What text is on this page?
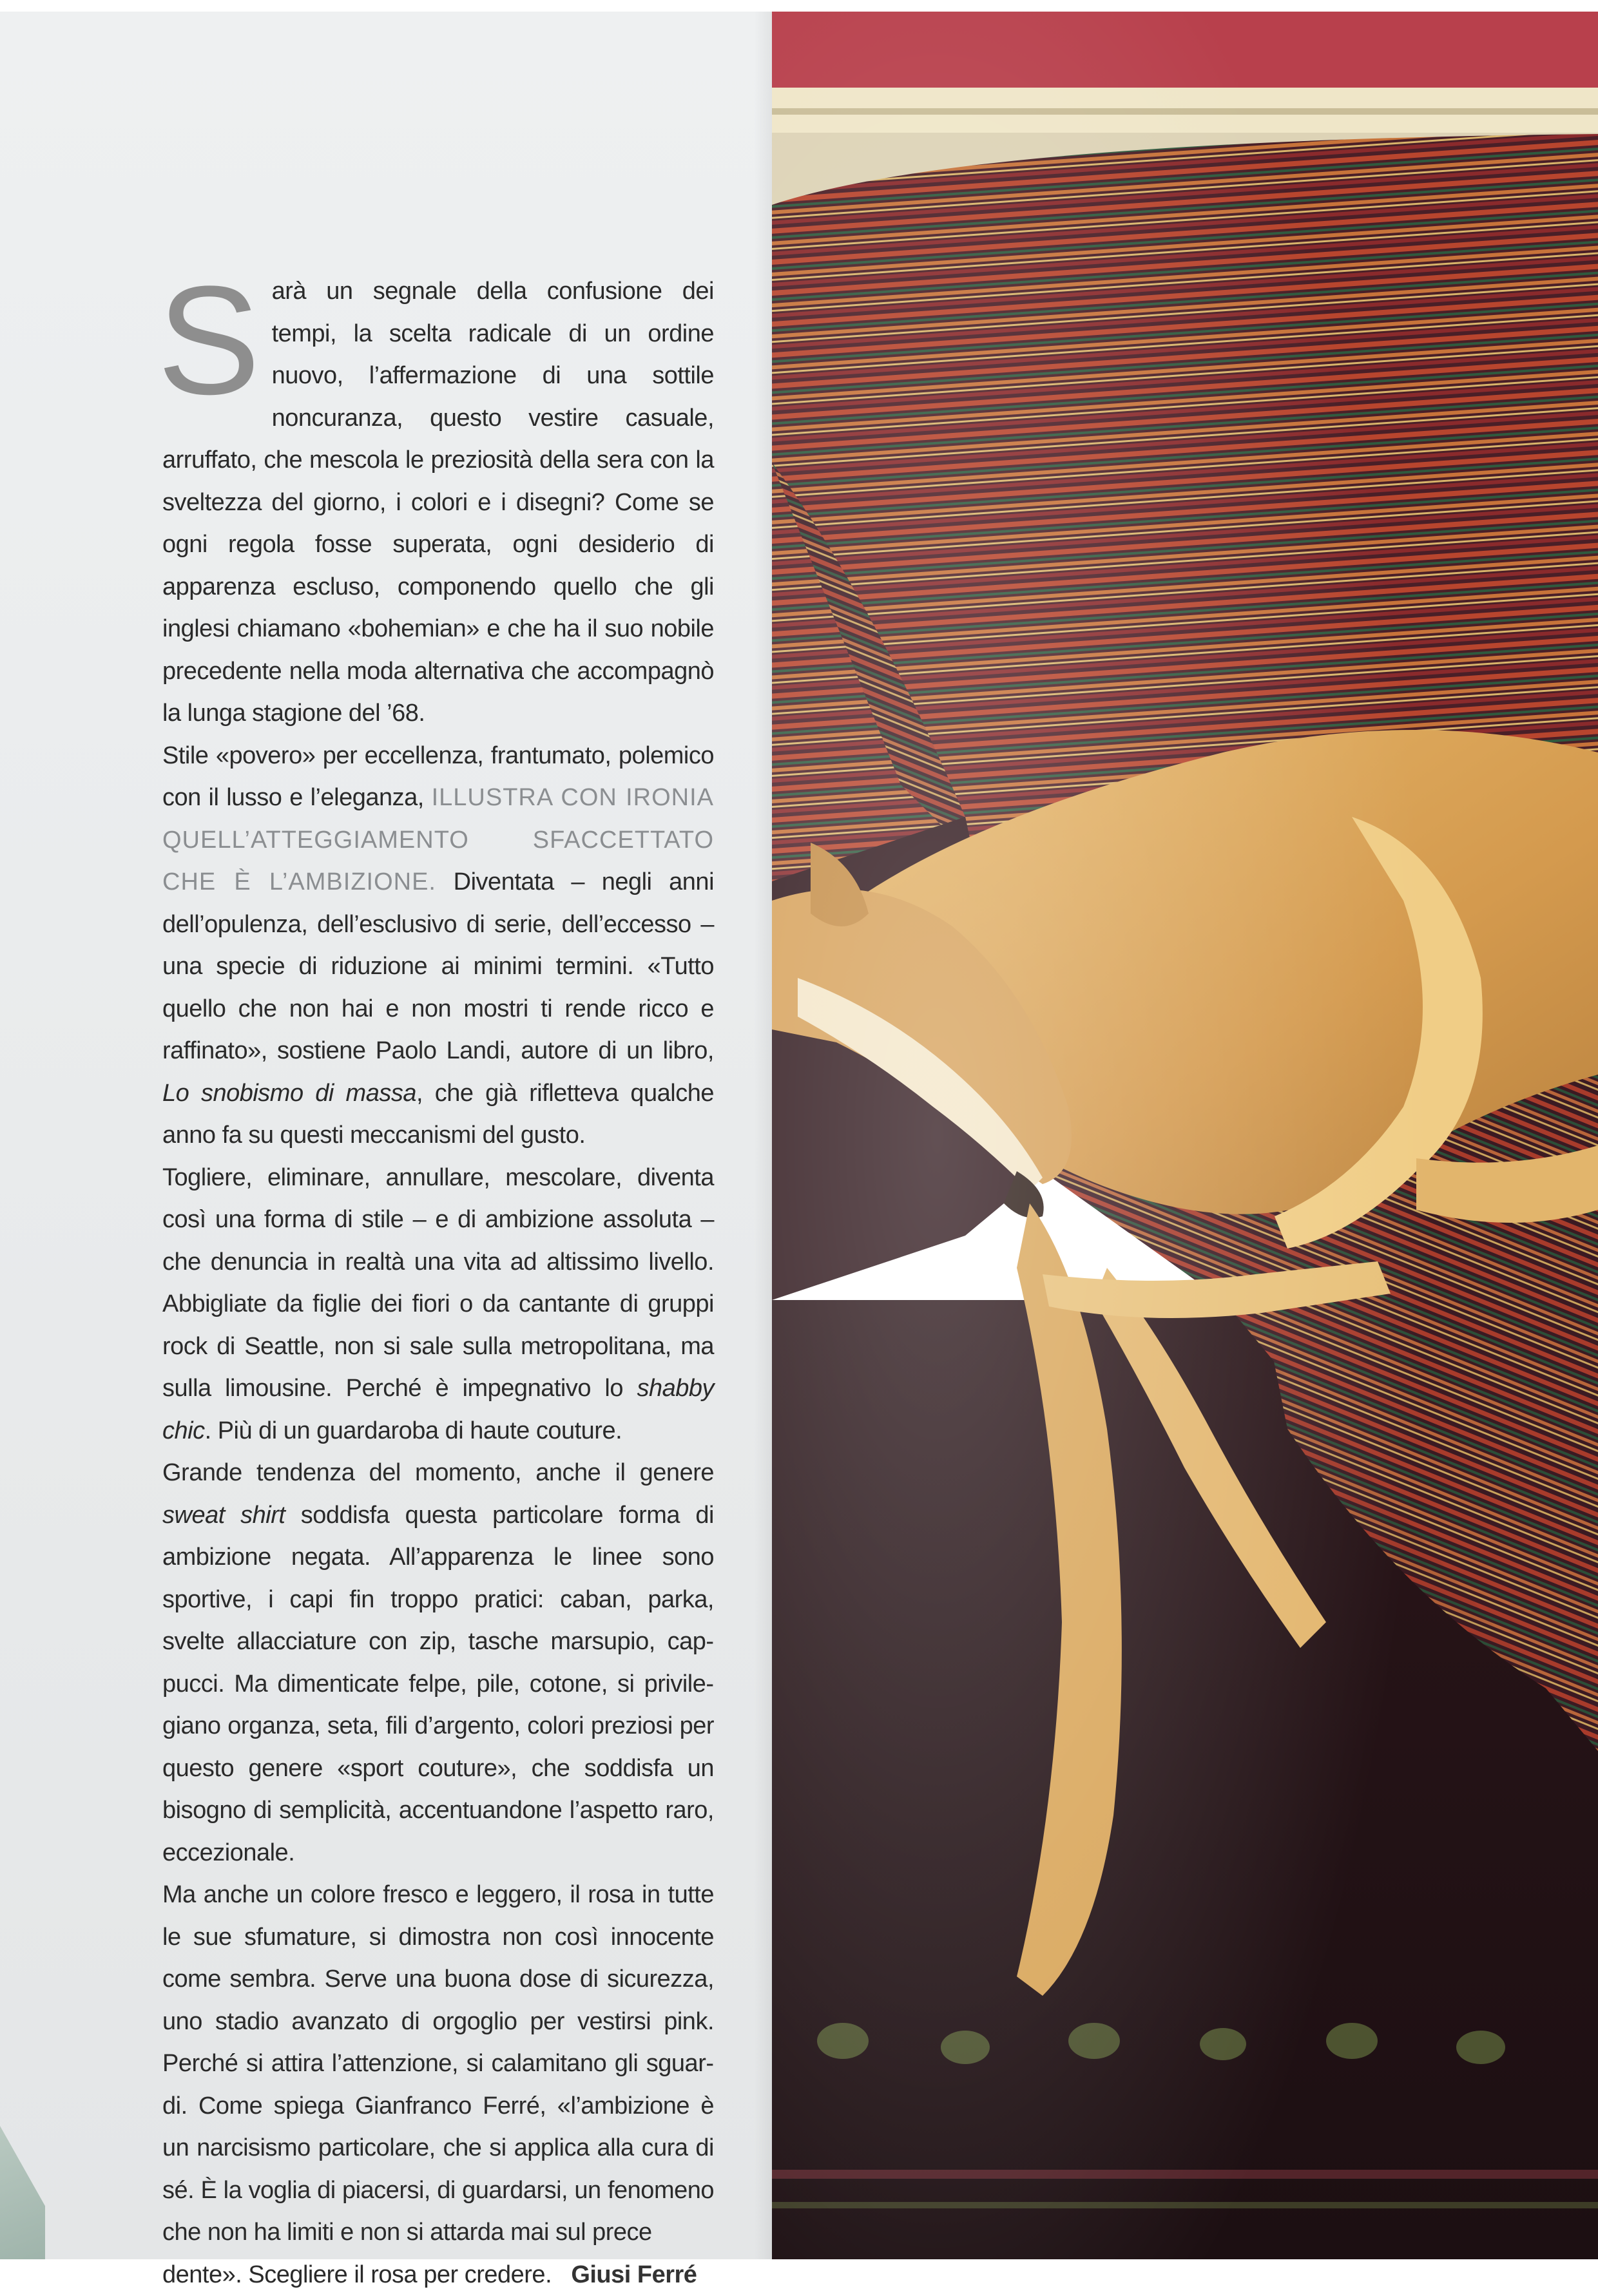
Sarà un segnale della confusione dei tempi, la scelta radicale di un ordine nuovo, l’affermazione di una sottile noncuranza, questo vestire casuale, arruffato, che mescola le preziosità della sera con la sveltezza del giorno, i colori e i disegni? Come se ogni regola fosse superata, ogni desiderio di apparenza escluso, componendo quello che gli inglesi chiamano «bohemian» e che ha il suo nobile precedente nella moda alternativa che accompagnò la lunga stagione del ’68.

Stile «povero» per eccellenza, frantumato, polemico con il lusso e l’eleganza, ILLUSTRA CON IRONIA QUELL’ATTEGGIAMENTO SFACCETTATO CHE È L’AMBIZIONE. Diventata – negli anni dell’opulenza, dell’esclusivo di serie, dell’eccesso – una specie di riduzione ai minimi termini. «Tutto quello che non hai e non mostri ti rende ricco e raffinato», sostiene Paolo Landi, autore di un libro, Lo snobismo di massa, che già rifletteva qualche anno fa su questi meccanismi del gusto.

Togliere, eliminare, annullare, mescolare, diventa così una forma di stile – e di ambizione assoluta – che denuncia in realtà una vita ad altissimo livello. Abbigliate da figlie dei fiori o da cantante di gruppi rock di Seattle, non si sale sulla metropolitana, ma sulla limousine. Perché è impegnativo lo shabby chic. Più di un guardaroba di haute couture.

Grande tendenza del momento, anche il genere sweat shirt soddisfa questa particolare forma di ambizione negata. All’apparenza le linee sono sportive, i capi fin troppo pratici: caban, parka, svelte allacciature con zip, tasche marsupio, cappucci. Ma dimenticate felpe, pile, cotone, si privilegiano organza, seta, fili d’argento, colori preziosi per questo genere «sport couture», che soddisfa un bisogno di semplicità, accentuandone l’aspetto raro, eccezionale.

Ma anche un colore fresco e leggero, il rosa in tutte le sue sfumature, si dimostra non così innocente come sembra. Serve una buona dose di sicurezza, uno stadio avanzato di orgoglio per vestirsi pink. Perché si attira l’attenzione, si calamitano gli sguardi. Come spiega Gianfranco Ferré, «l’ambizione è un narcisismo particolare, che si applica alla cura di sé. È la voglia di piacersi, di guardarsi, un fenomeno che non ha limiti e non si attarda mai sul prece
dente». Scegliere il rosa per credere. Giusi Ferré
